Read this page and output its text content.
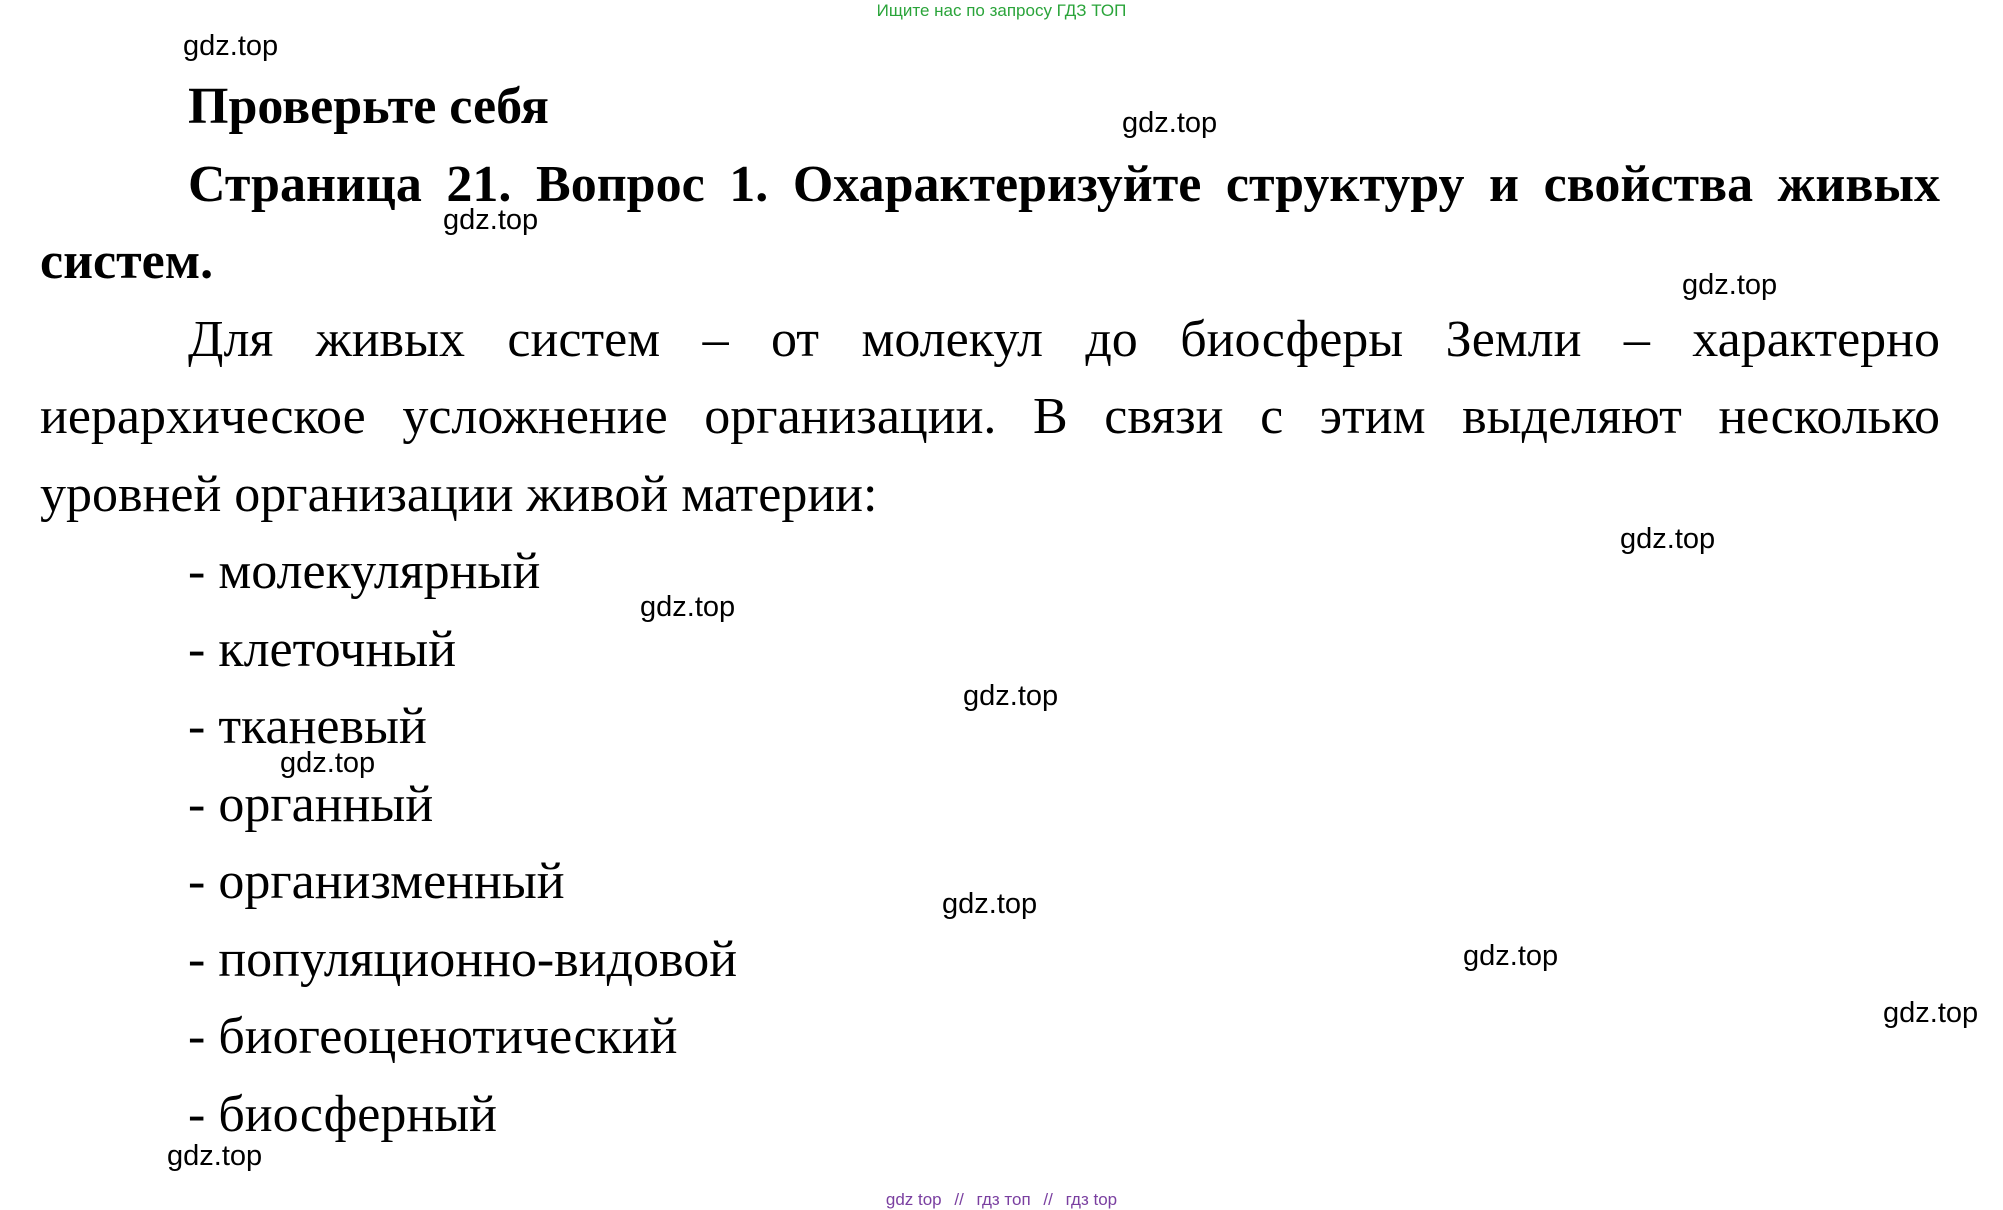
Ищите нас по запросу ГДЗ ТОП

Проверьте себя

Страница 21. Вопрос 1. Охарактеризуйте структуру и свойства живых систем.

Для живых систем – от молекул до биосферы Земли – характерно иерархическое усложнение организации. В связи с этим выделяют несколько уровней организации живой материи:

- молекулярный
- клеточный
- тканевый
- органный
- организменный
- популяционно-видовой
- биогеоценотический
- биосферный
gdz.top
gdz.top
gdz.top
gdz.top
gdz.top
gdz.top
gdz.top
gdz.top
gdz.top
gdz.top
gdz.top
gdz.top
gdz top // гдз топ // гдз top
